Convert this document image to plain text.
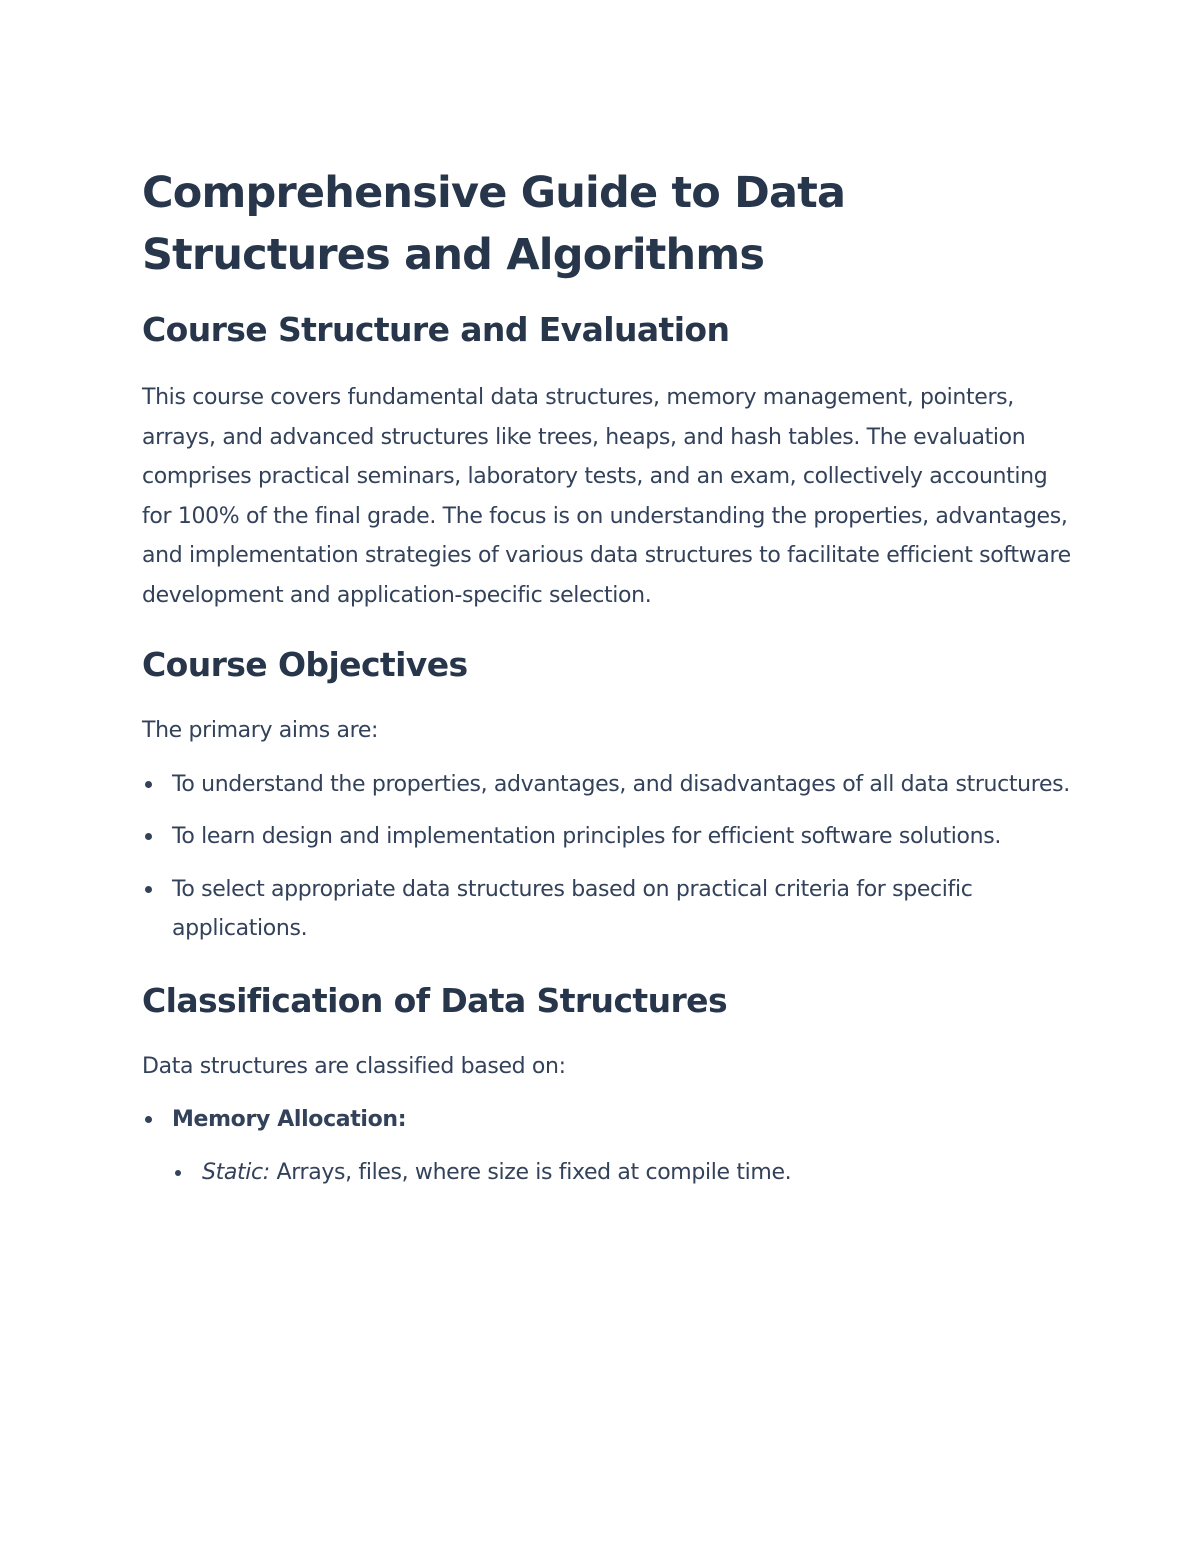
Comprehensive Guide to Data Structures and Algorithms
Course Structure and Evaluation

This course covers fundamental data structures, memory management, pointers, arrays, and advanced structures like trees, heaps, and hash tables. The evaluation comprises practical seminars, laboratory tests, and an exam, collectively accounting for 100% of the final grade. The focus is on understanding the properties, advantages, and implementation strategies of various data structures to facilitate efficient software development and application-specific selection.

Course Objectives

The primary aims are:

To understand the properties, advantages, and disadvantages of all data structures.
To learn design and implementation principles for efficient software solutions.
To select appropriate data structures based on practical criteria for specific applications.
Classification of Data Structures

Data structures are classified based on:

Memory Allocation:
Static: Arrays, files, where size is fixed at compile time.
